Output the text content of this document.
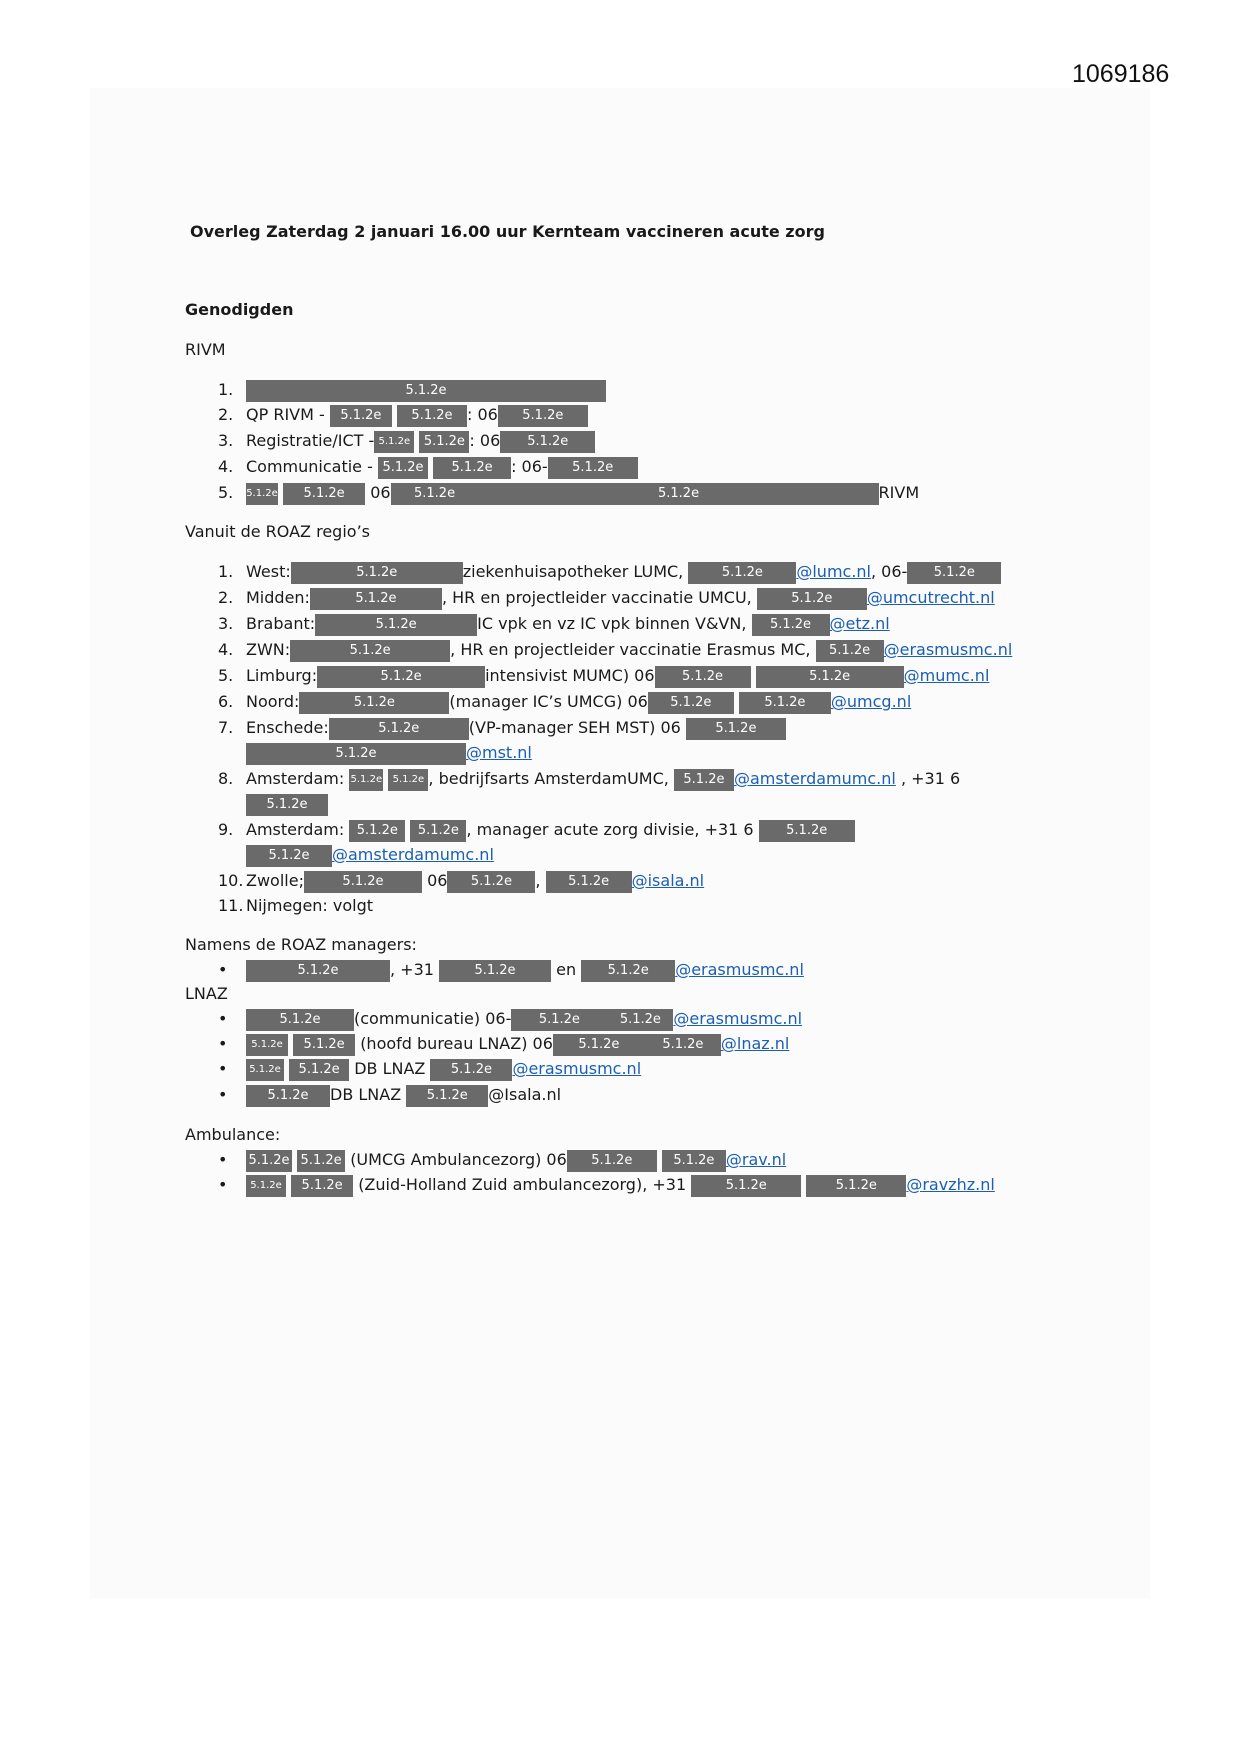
1069186
Overleg Zaterdag 2 januari 16.00 uur Kernteam vaccineren acute zorg
Genodigden
RIVM
1.	5.1.2e
2. QP RIVM - 5.1.2e 5.1.2e : 06 5.1.2e
3. Registratie/ICT - 5.1.2e 5.1.2e : 06 5.1.2e
4. Communicatie - 5.1.2e 5.1.2e : 06- 5.1.2e
5. 5.1.2e 5.1.2e 06 5.1.2e	5.1.2e	RIVM
Vanuit de ROAZ regio’s
1. West:	5.1.2e	ziekenhuisapotheker LUMC,	5.1.2e @lumc.nl, 06- 5.1.2e
2. Midden:	5.1.2e	, HR en projectleider vaccinatie UMCU,	5.1.2e @umcutrecht.nl
3. Brabant:	5.1.2e	IC vpk en vz IC vpk binnen V&VN, 5.1.2e @etz.nl
4. ZWN:	5.1.2e	, HR en projectleider vaccinatie Erasmus MC, 5.1.2e @erasmusmc.nl
5. Limburg:	5.1.2e	intensivist MUMC) 06 5.1.2e	5.1.2e	@mumc.nl
6. Noord:	5.1.2e	(manager IC’s UMCG) 06 5.1.2e	5.1.2e @umcg.nl
7. Enschede:	5.1.2e	(VP-manager SEH MST) 06	5.1.2e
5.1.2e	@mst.nl
8. Amsterdam: 5.1.2e 5.1.2e , bedrijfsarts AmsterdamUMC, 5.1.2e @amsterdamumc.nl , +31 6
5.1.2e
9. Amsterdam: 5.1.2e 5.1.2e , manager acute zorg divisie, +31 6	5.1.2e
5.1.2e @amsterdamumc.nl
10. Zwolle;	5.1.2e	06 5.1.2e , 5.1.2e @isala.nl
11. Nijmegen: volgt
Namens de ROAZ managers:
•	5.1.2e	, +31	5.1.2e	en 5.1.2e @erasmusmc.nl
LNAZ
•	5.1.2e (communicatie) 06- 5.1.2e	5.1.2e @erasmusmc.nl
• 5.1.2e 5.1.2e (hoofd bureau LNAZ) 06 5.1.2e	5.1.2e @lnaz.nl
• 5.1.2e 5.1.2e DB LNAZ 5.1.2e @erasmusmc.nl
•	5.1.2e DB LNAZ 5.1.2e @Isala.nl
Ambulance:
• 5.1.2e 5.1.2e (UMCG Ambulancezorg) 06 5.1.2e	5.1.2e @rav.nl
• 5.1.2e 5.1.2e (Zuid-Holland Zuid ambulancezorg), +31	5.1.2e	5.1.2e @ravzhz.nl
